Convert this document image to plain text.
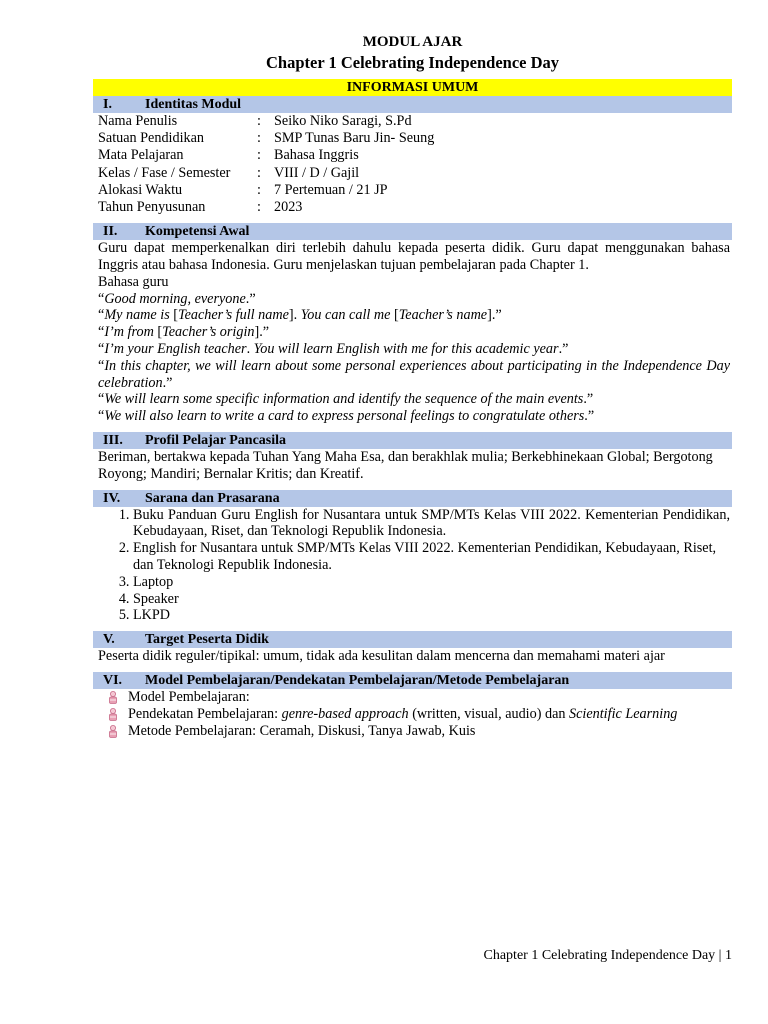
MODUL AJAR
Chapter 1 Celebrating Independence Day
INFORMASI UMUM
I.	Identitas Modul
Nama Penulis	:	Seiko Niko Saragi, S.Pd
Satuan Pendidikan	:	SMP Tunas Baru Jin- Seung
Mata Pelajaran	:	Bahasa Inggris
Kelas / Fase / Semester	:	VIII / D / Gajil
Alokasi Waktu	:	7 Pertemuan / 21 JP
Tahun Penyusunan	:	2023
II.	Kompetensi Awal
Guru dapat memperkenalkan diri terlebih dahulu kepada peserta didik. Guru dapat menggunakan bahasa Inggris atau bahasa Indonesia. Guru menjelaskan tujuan pembelajaran pada Chapter 1.
Bahasa guru
“Good morning, everyone.”
“My name is [Teacher’s full name]. You can call me [Teacher’s name].”
“I’m from [Teacher’s origin].”
“I’m your English teacher. You will learn English with me for this academic year.”
“In this chapter, we will learn about some personal experiences about participating in the Independence Day celebration.”
“We will learn some specific information and identify the sequence of the main events.”
“We will also learn to write a card to express personal feelings to congratulate others.”
III.	Profil Pelajar Pancasila
Beriman, bertakwa kepada Tuhan Yang Maha Esa, dan berakhlak mulia; Berkebhinekaan Global; Bergotong Royong; Mandiri; Bernalar Kritis; dan Kreatif.
IV.	Sarana dan Prasarana
1. Buku Panduan Guru English for Nusantara untuk SMP/MTs Kelas VIII 2022. Kementerian Pendidikan, Kebudayaan, Riset, dan Teknologi Republik Indonesia.
2. English for Nusantara untuk SMP/MTs Kelas VIII 2022. Kementerian Pendidikan, Kebudayaan, Riset, dan Teknologi Republik Indonesia.
3. Laptop
4. Speaker
5. LKPD
V.	Target Peserta Didik
Peserta didik reguler/tipikal: umum, tidak ada kesulitan dalam mencerna dan memahami materi ajar
VI.	Model Pembelajaran/Pendekatan Pembelajaran/Metode Pembelajaran
Model Pembelajaran:
Pendekatan Pembelajaran: genre-based approach (written, visual, audio) dan Scientific Learning
Metode Pembelajaran: Ceramah, Diskusi, Tanya Jawab, Kuis
Chapter 1 Celebrating Independence Day | 1
